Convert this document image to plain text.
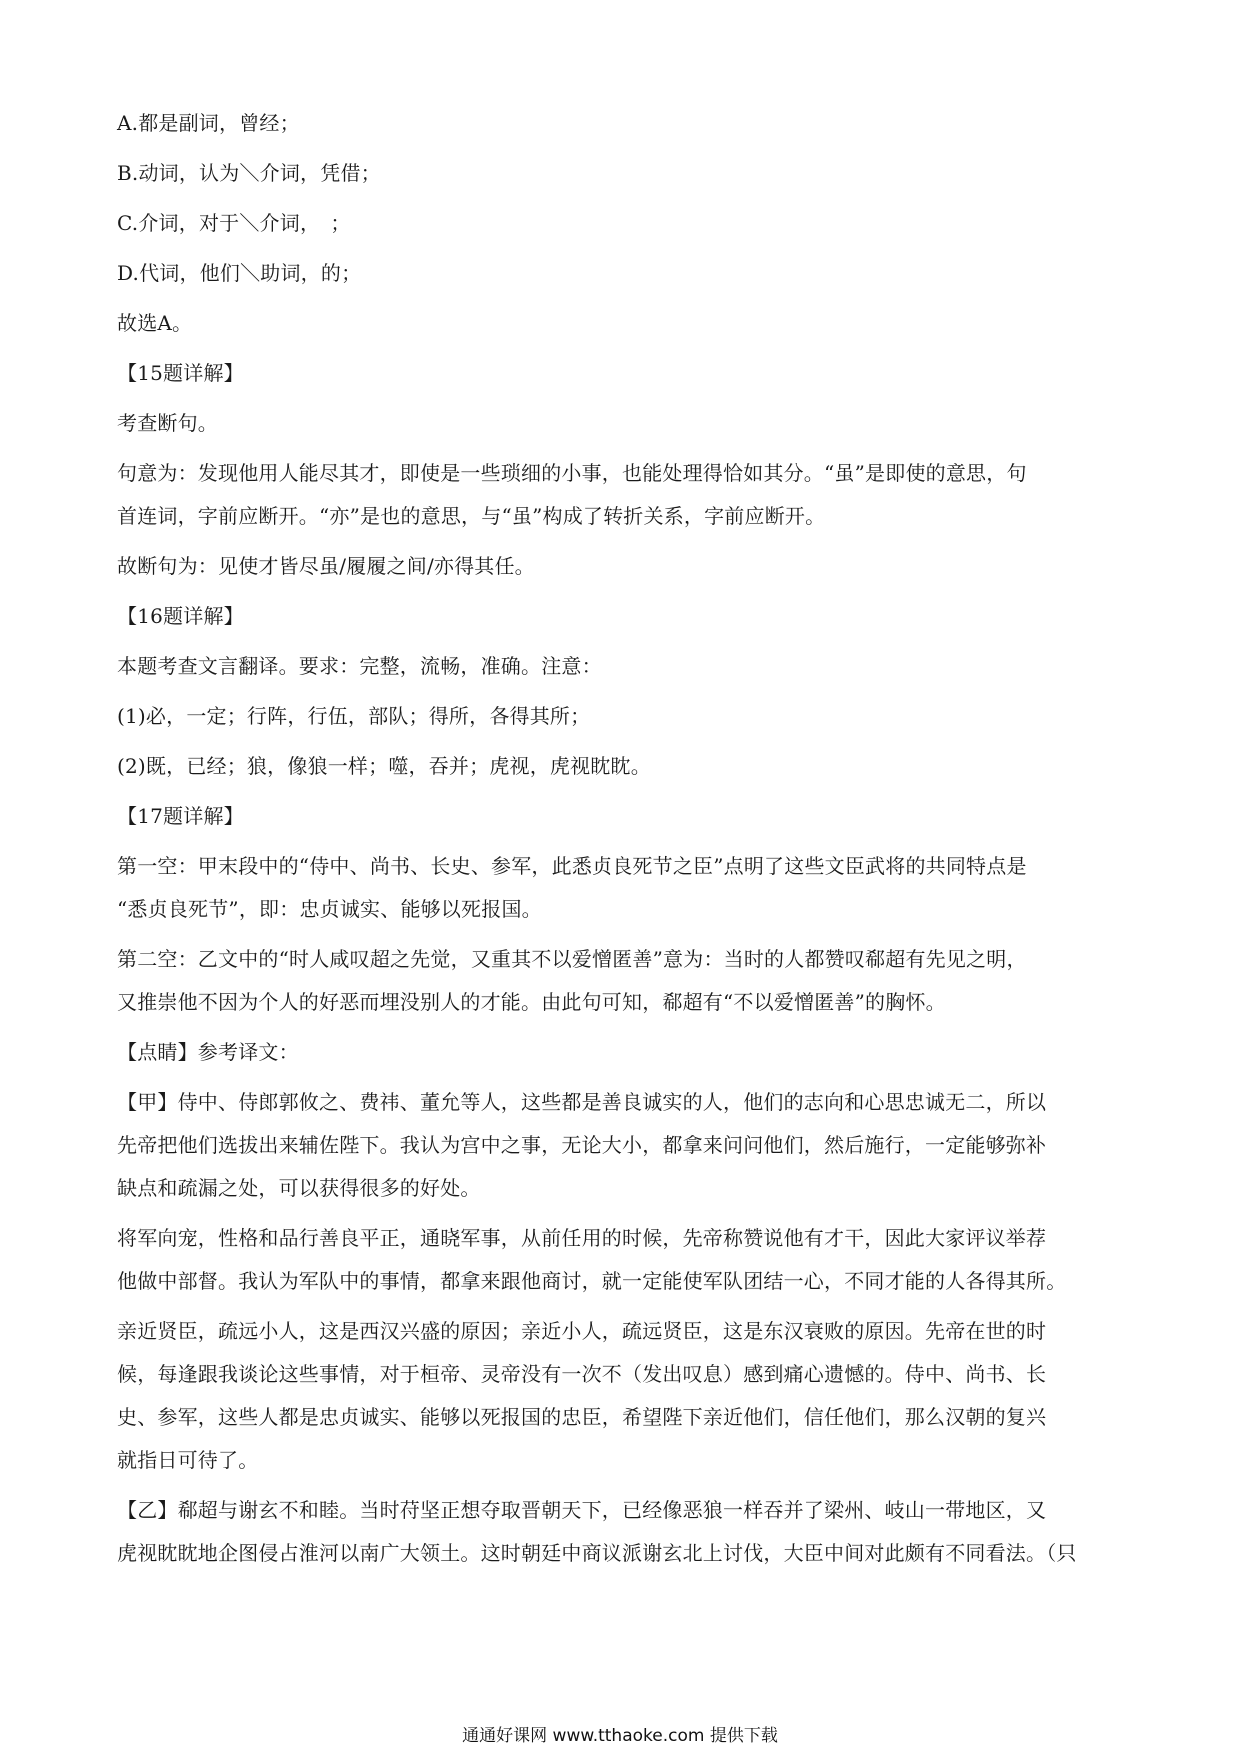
A.都是副词，曾经；
B.动词，认为＼介词，凭借；
C.介词，对于＼介词，　；
D.代词，他们＼助词，的；
故选A。
【15题详解】
考查断句。
句意为：发现他用人能尽其才，即使是一些琐细的小事，也能处理得恰如其分。“虽”是即使的意思，句
首连词，字前应断开。“亦”是也的意思，与“虽”构成了转折关系，字前应断开。
故断句为：见使才皆尽虽/履履之间/亦得其任。
【16题详解】
本题考查文言翻译。要求：完整，流畅，准确。注意：
(1)必，一定；行阵，行伍，部队；得所，各得其所；
(2)既，已经；狼，像狼一样；噬，吞并；虎视，虎视眈眈。
【17题详解】
第一空：甲末段中的“侍中、尚书、长史、参军，此悉贞良死节之臣”点明了这些文臣武将的共同特点是
“悉贞良死节”，即：忠贞诚实、能够以死报国。
第二空：乙文中的“时人咸叹超之先觉，又重其不以爱憎匿善”意为：当时的人都赞叹郗超有先见之明，
又推崇他不因为个人的好恶而埋没别人的才能。由此句可知，郗超有“不以爱憎匿善”的胸怀。
【点睛】参考译文：
【甲】侍中、侍郎郭攸之、费祎、董允等人，这些都是善良诚实的人，他们的志向和心思忠诚无二，所以
先帝把他们选拔出来辅佐陛下。我认为宫中之事，无论大小，都拿来问问他们，然后施行，一定能够弥补
缺点和疏漏之处，可以获得很多的好处。
将军向宠，性格和品行善良平正，通晓军事，从前任用的时候，先帝称赞说他有才干，因此大家评议举荐
他做中部督。我认为军队中的事情，都拿来跟他商讨，就一定能使军队团结一心，不同才能的人各得其所。
亲近贤臣，疏远小人，这是西汉兴盛的原因；亲近小人，疏远贤臣，这是东汉衰败的原因。先帝在世的时
候，每逢跟我谈论这些事情，对于桓帝、灵帝没有一次不（发出叹息）感到痛心遗憾的。侍中、尚书、长
史、参军，这些人都是忠贞诚实、能够以死报国的忠臣，希望陛下亲近他们，信任他们，那么汉朝的复兴
就指日可待了。
【乙】郗超与谢玄不和睦。当时苻坚正想夺取晋朝天下，已经像恶狼一样吞并了梁州、岐山一带地区，又
虎视眈眈地企图侵占淮河以南广大领土。这时朝廷中商议派谢玄北上讨伐，大臣中间对此颇有不同看法。（只
通通好课网 www.tthaoke.com 提供下载
